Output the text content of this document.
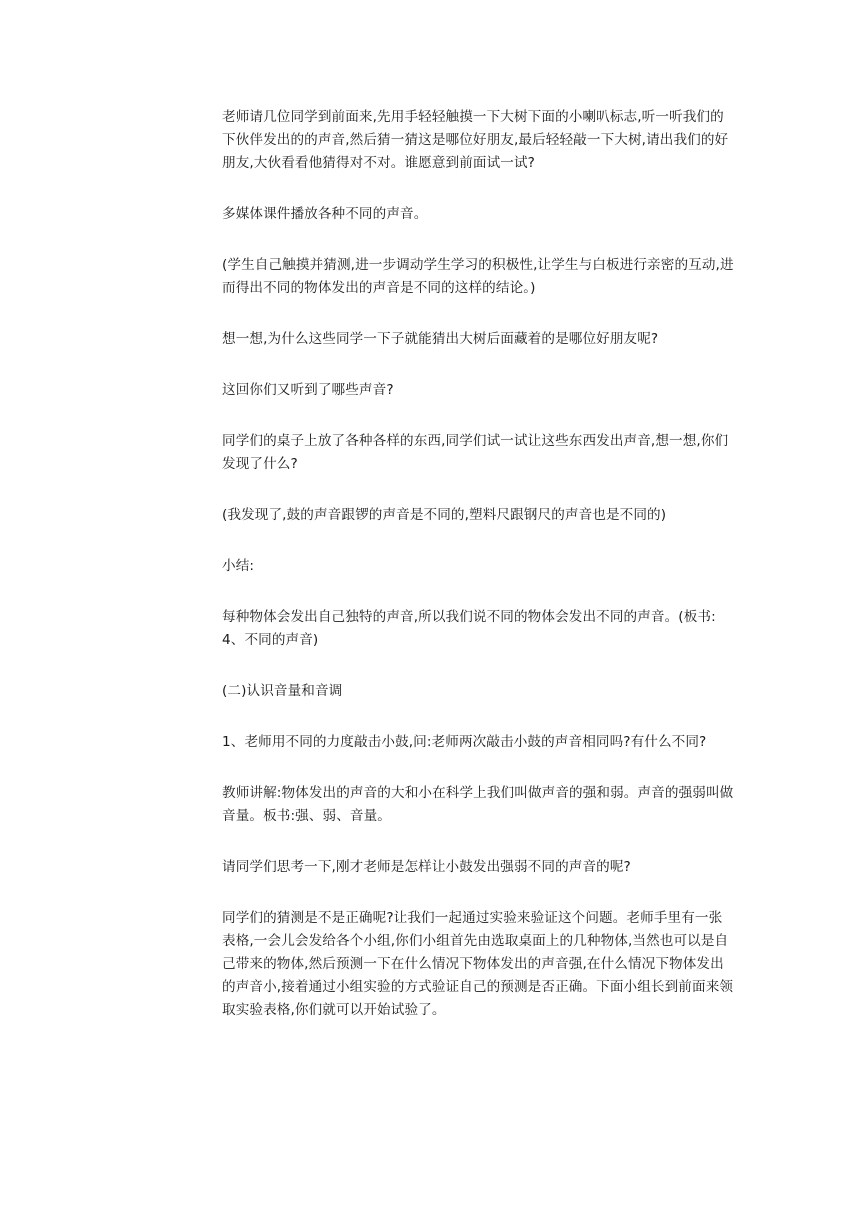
老师请几位同学到前面来,先用手轻轻触摸一下大树下面的小喇叭标志,听一听我们的下伙伴发出的的声音,然后猜一猜这是哪位好朋友,最后轻轻敲一下大树,请出我们的好朋友,大伙看看他猜得对不对。谁愿意到前面试一试?

多媒体课件播放各种不同的声音。

(学生自己触摸并猜测,进一步调动学生学习的积极性,让学生与白板进行亲密的互动,进而得出不同的物体发出的声音是不同的这样的结论。)

想一想,为什么这些同学一下子就能猜出大树后面藏着的是哪位好朋友呢?

这回你们又听到了哪些声音?

同学们的桌子上放了各种各样的东西,同学们试一试让这些东西发出声音,想一想,你们发现了什么?

(我发现了,鼓的声音跟锣的声音是不同的,塑料尺跟钢尺的声音也是不同的)

小结:

每种物体会发出自己独特的声音,所以我们说不同的物体会发出不同的声音。(板书:4、不同的声音)

(二)认识音量和音调

1、老师用不同的力度敲击小鼓,问:老师两次敲击小鼓的声音相同吗?有什么不同?

教师讲解:物体发出的声音的大和小在科学上我们叫做声音的强和弱。声音的强弱叫做音量。板书:强、弱、音量。

请同学们思考一下,刚才老师是怎样让小鼓发出强弱不同的声音的呢?

同学们的猜测是不是正确呢?让我们一起通过实验来验证这个问题。老师手里有一张表格,一会儿会发给各个小组,你们小组首先由选取桌面上的几种物体,当然也可以是自己带来的物体,然后预测一下在什么情况下物体发出的声音强,在什么情况下物体发出的声音小,接着通过小组实验的方式验证自己的预测是否正确。下面小组长到前面来领取实验表格,你们就可以开始试验了。
